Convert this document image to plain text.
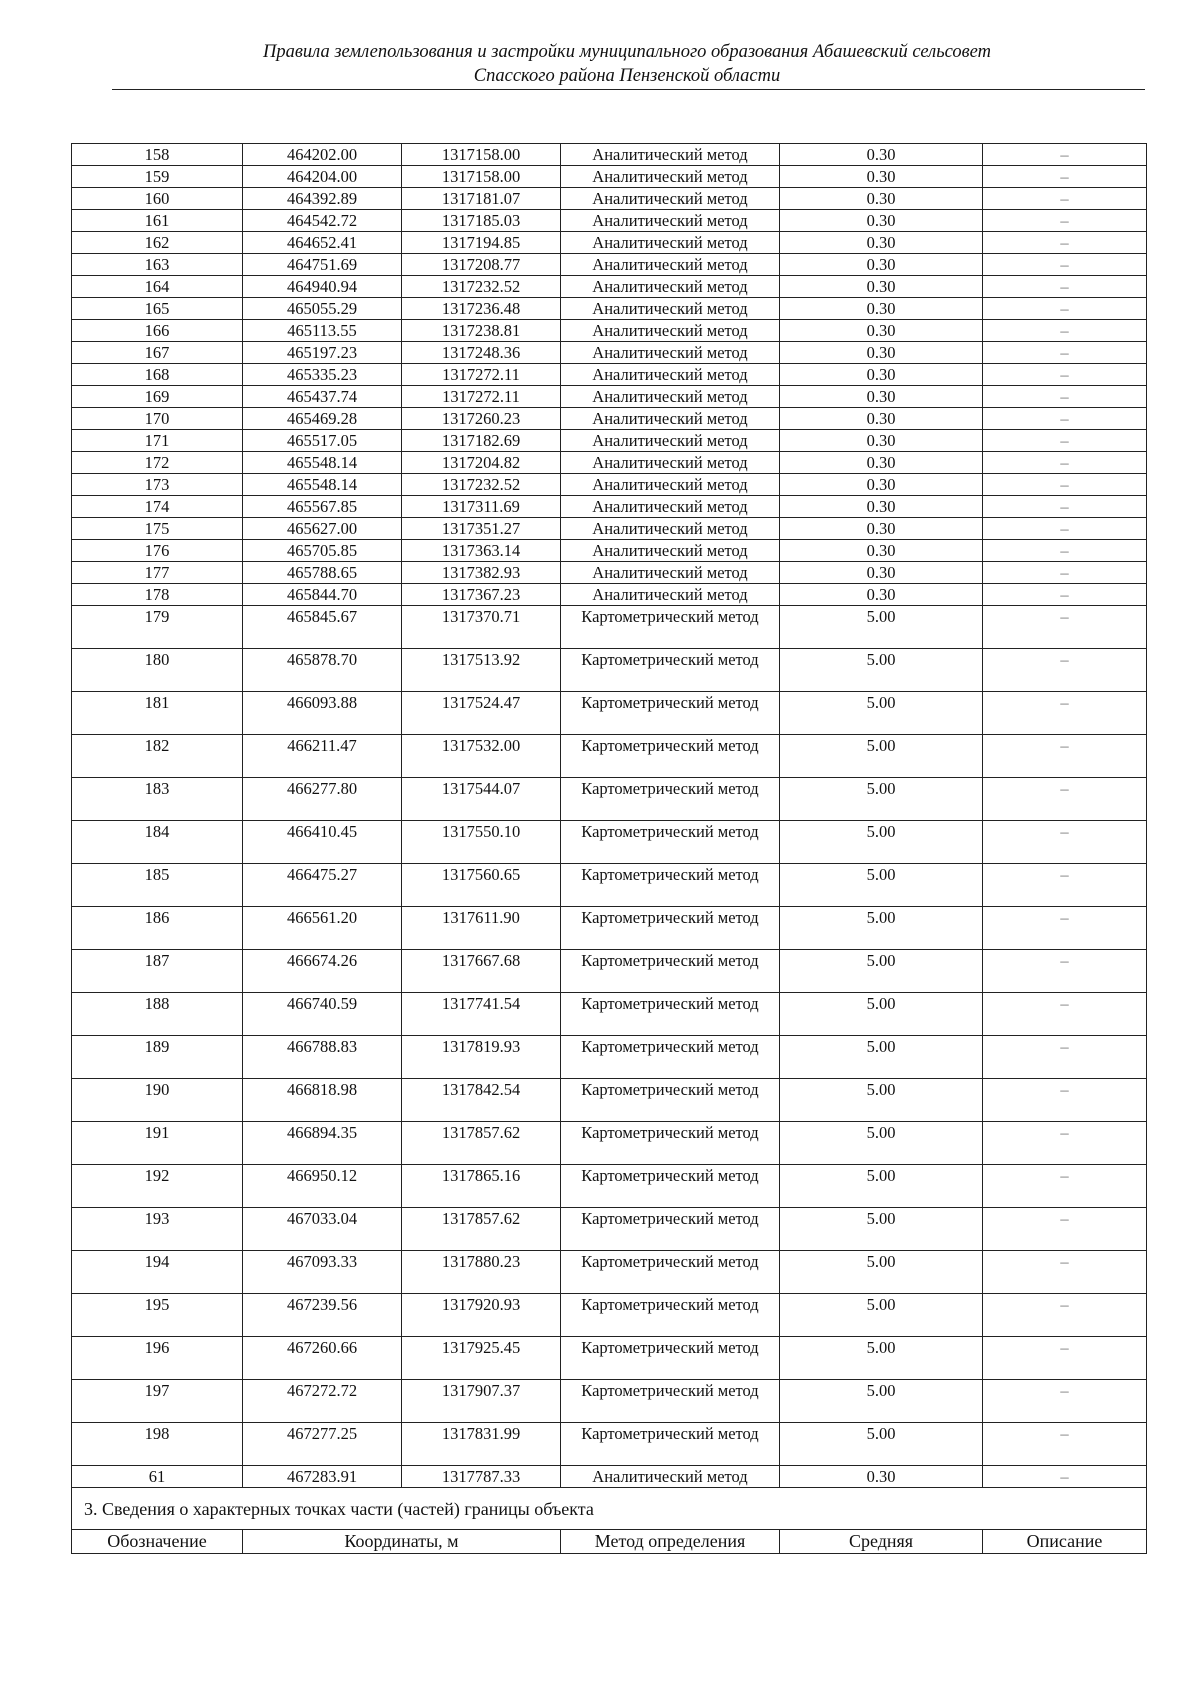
Правила землепользования и застройки муниципального образования Абашевский сельсовет
Спасского района Пензенской области
158	464202.00	1317158.00	Аналитический метод	0.30	–
159	464204.00	1317158.00	Аналитический метод	0.30	–
160	464392.89	1317181.07	Аналитический метод	0.30	–
161	464542.72	1317185.03	Аналитический метод	0.30	–
162	464652.41	1317194.85	Аналитический метод	0.30	–
163	464751.69	1317208.77	Аналитический метод	0.30	–
164	464940.94	1317232.52	Аналитический метод	0.30	–
165	465055.29	1317236.48	Аналитический метод	0.30	–
166	465113.55	1317238.81	Аналитический метод	0.30	–
167	465197.23	1317248.36	Аналитический метод	0.30	–
168	465335.23	1317272.11	Аналитический метод	0.30	–
169	465437.74	1317272.11	Аналитический метод	0.30	–
170	465469.28	1317260.23	Аналитический метод	0.30	–
171	465517.05	1317182.69	Аналитический метод	0.30	–
172	465548.14	1317204.82	Аналитический метод	0.30	–
173	465548.14	1317232.52	Аналитический метод	0.30	–
174	465567.85	1317311.69	Аналитический метод	0.30	–
175	465627.00	1317351.27	Аналитический метод	0.30	–
176	465705.85	1317363.14	Аналитический метод	0.30	–
177	465788.65	1317382.93	Аналитический метод	0.30	–
178	465844.70	1317367.23	Аналитический метод	0.30	–
179	465845.67	1317370.71	Картометрический метод	5.00	–
180	465878.70	1317513.92	Картометрический метод	5.00	–
181	466093.88	1317524.47	Картометрический метод	5.00	–
182	466211.47	1317532.00	Картометрический метод	5.00	–
183	466277.80	1317544.07	Картометрический метод	5.00	–
184	466410.45	1317550.10	Картометрический метод	5.00	–
185	466475.27	1317560.65	Картометрический метод	5.00	–
186	466561.20	1317611.90	Картометрический метод	5.00	–
187	466674.26	1317667.68	Картометрический метод	5.00	–
188	466740.59	1317741.54	Картометрический метод	5.00	–
189	466788.83	1317819.93	Картометрический метод	5.00	–
190	466818.98	1317842.54	Картометрический метод	5.00	–
191	466894.35	1317857.62	Картометрический метод	5.00	–
192	466950.12	1317865.16	Картометрический метод	5.00	–
193	467033.04	1317857.62	Картометрический метод	5.00	–
194	467093.33	1317880.23	Картометрический метод	5.00	–
195	467239.56	1317920.93	Картометрический метод	5.00	–
196	467260.66	1317925.45	Картометрический метод	5.00	–
197	467272.72	1317907.37	Картометрический метод	5.00	–
198	467277.25	1317831.99	Картометрический метод	5.00	–
61	467283.91	1317787.33	Аналитический метод	0.30	–
3. Сведения о характерных точках части (частей) границы объекта					
Обозначение	Координаты, м		Метод определения	Средняя	Описание
